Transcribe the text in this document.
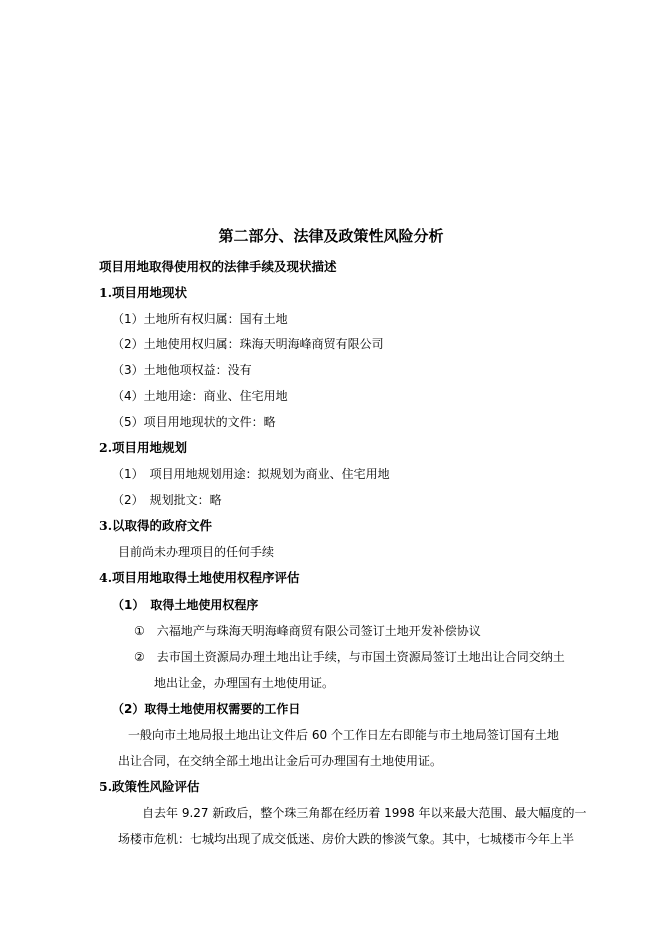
第二部分、法律及政策性风险分析
项目用地取得使用权的法律手续及现状描述
1.项目用地现状
（1）土地所有权归属：国有土地
（2）土地使用权归属：珠海天明海峰商贸有限公司
（3）土地他项权益：没有
（4）土地用途：商业、住宅用地
（5）项目用地现状的文件：略
2.项目用地规划
（1）　项目用地规划用途：拟规划为商业、住宅用地
（2）　规划批文：略
3.以取得的政府文件
目前尚未办理项目的任何手续
4.项目用地取得土地使用权程序评估
（1）　取得土地使用权程序
①　六福地产与珠海天明海峰商贸有限公司签订土地开发补偿协议
②　去市国土资源局办理土地出让手续，与市国土资源局签订土地出让合同交纳土
地出让金，办理国有土地使用证。
（2）取得土地使用权需要的工作日
一般向市土地局报土地出让文件后 60 个工作日左右即能与市土地局签订国有土地
出让合同，在交纳全部土地出让金后可办理国有土地使用证。
5.政策性风险评估
自去年 9.27 新政后，整个珠三角都在经历着 1998 年以来最大范围、最大幅度的一
场楼市危机：七城均出现了成交低迷、房价大跌的惨淡气象。其中，七城楼市今年上半
